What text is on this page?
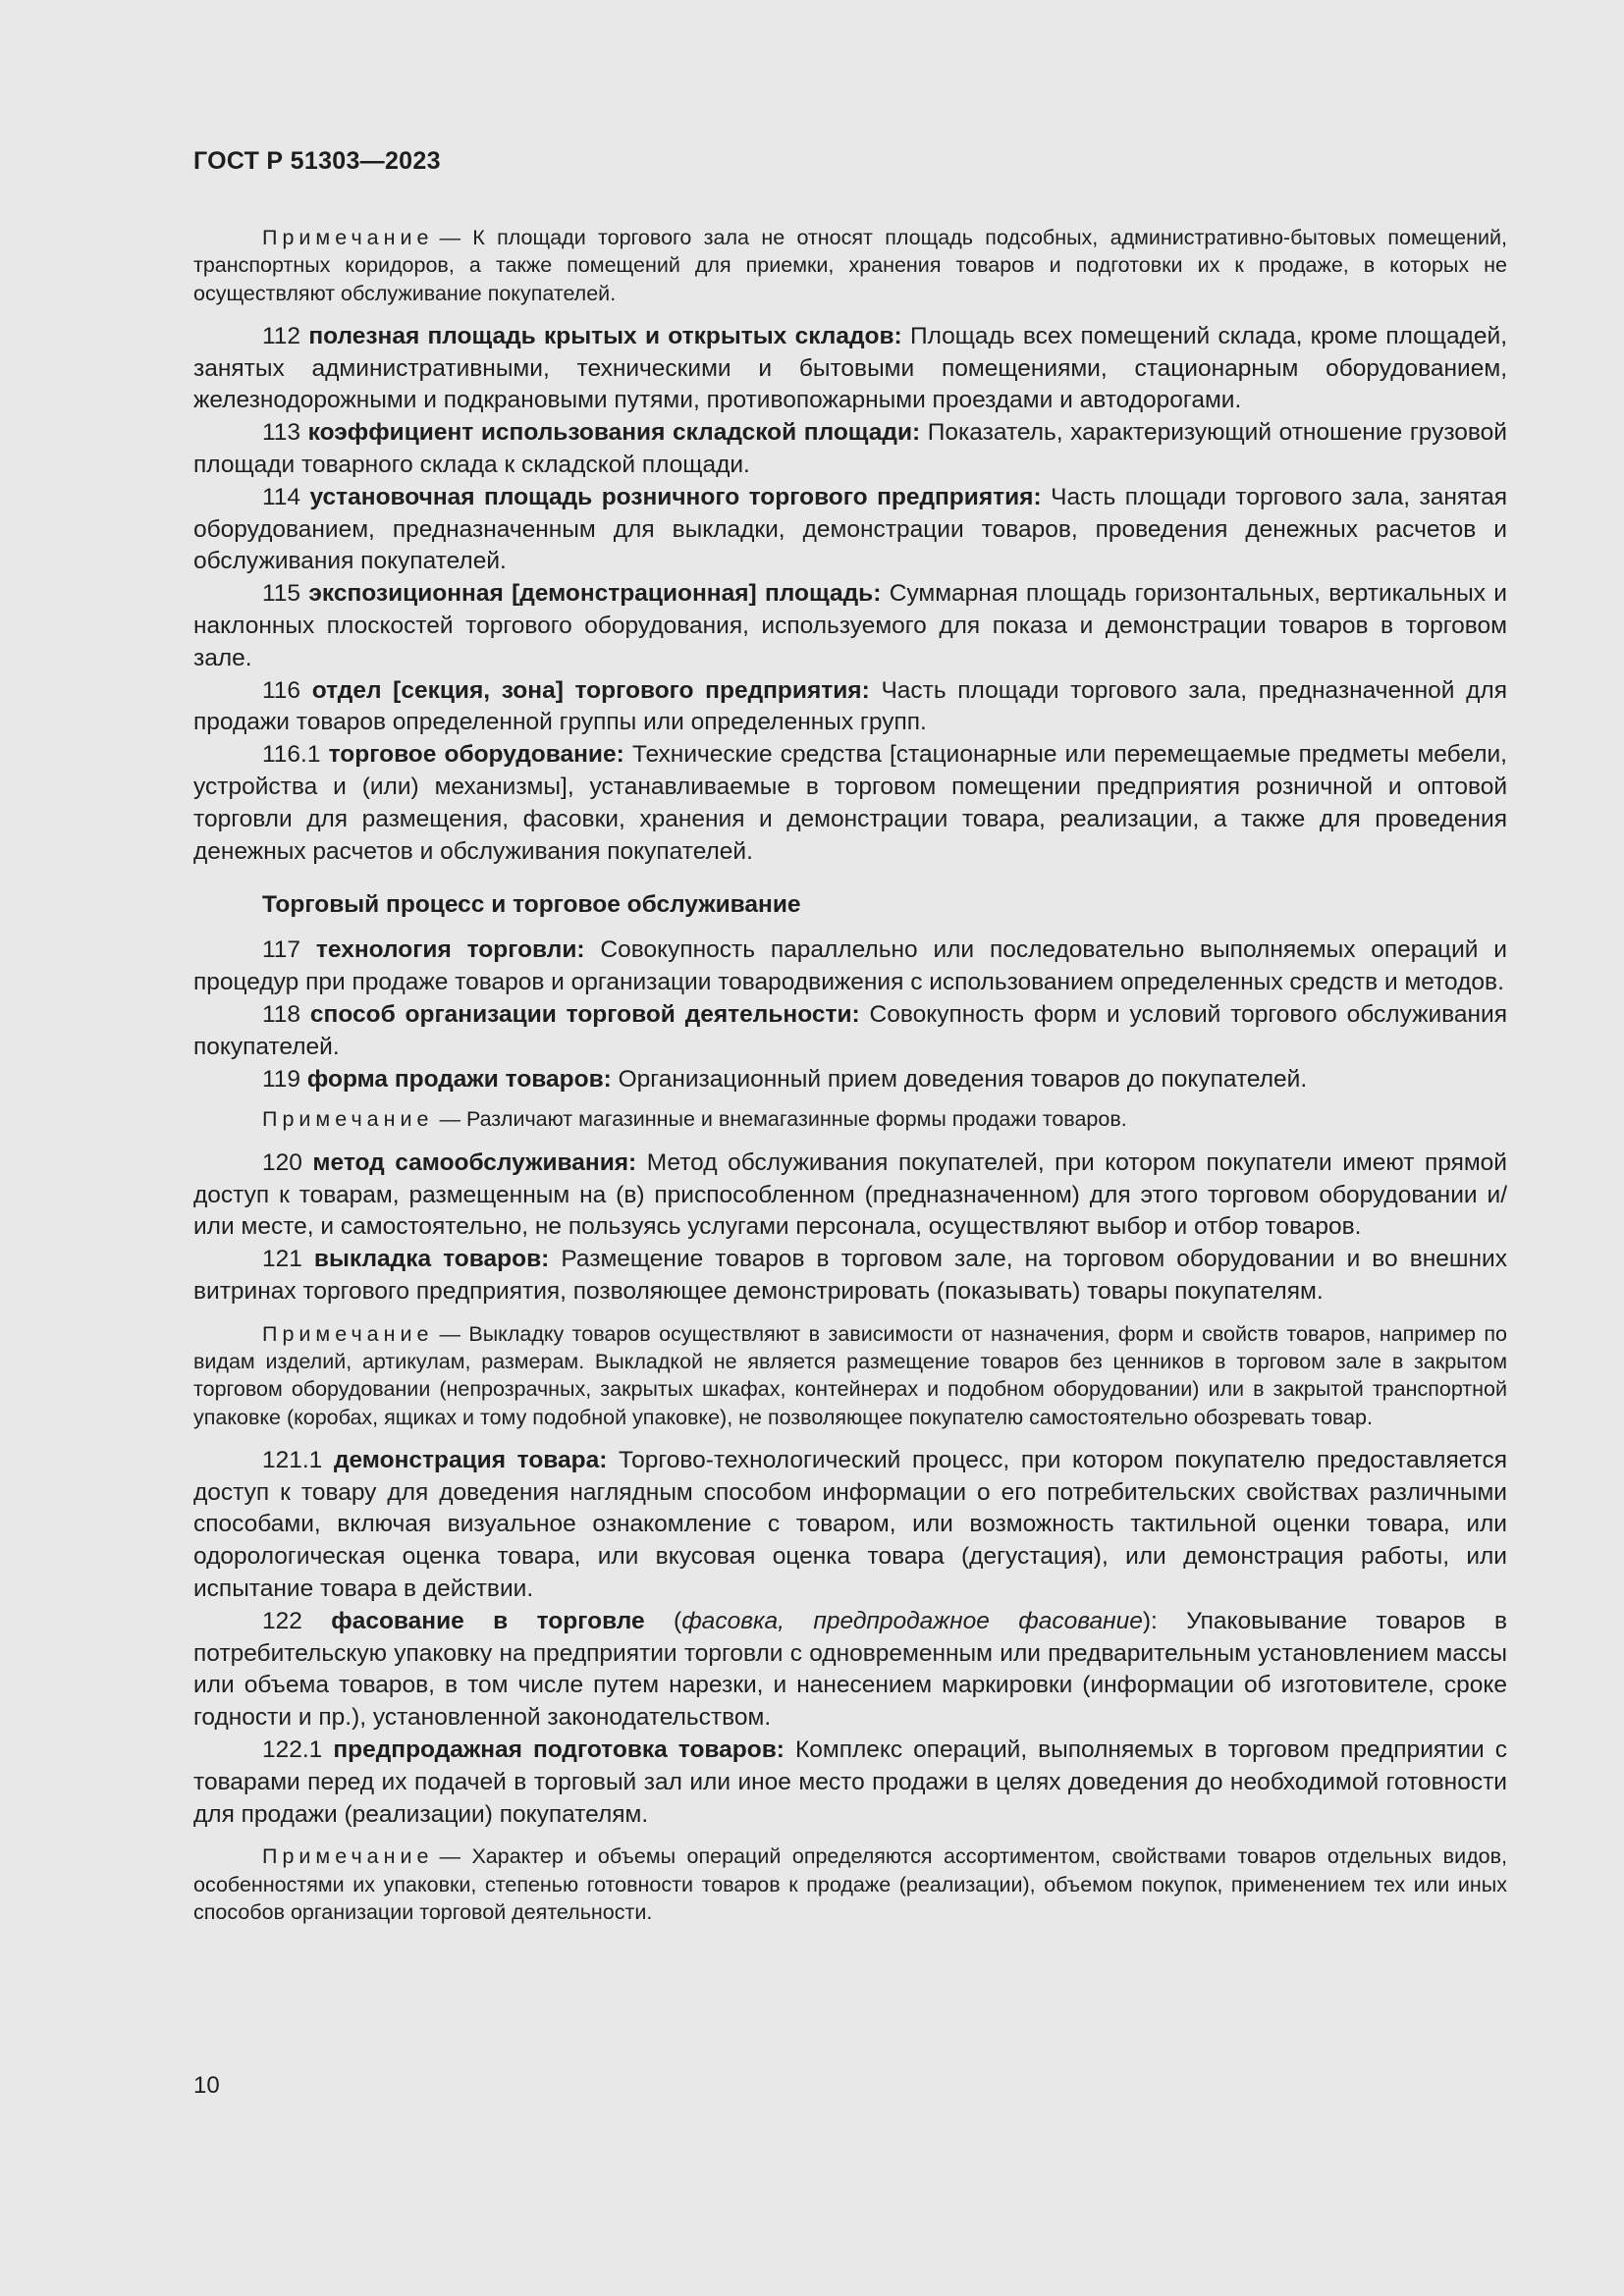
ГОСТ Р 51303—2023

Примечание — К площади торгового зала не относят площадь подсобных, административно-бытовых помещений, транспортных коридоров, а также помещений для приемки, хранения товаров и подготовки их к продаже, в которых не осуществляют обслуживание покупателей.

112 полезная площадь крытых и открытых складов: Площадь всех помещений склада, кроме площадей, занятых административными, техническими и бытовыми помещениями, стационарным оборудованием, железнодорожными и подкрановыми путями, противопожарными проездами и автодорогами.

113 коэффициент использования складской площади: Показатель, характеризующий отношение грузовой площади товарного склада к складской площади.

114 установочная площадь розничного торгового предприятия: Часть площади торгового зала, занятая оборудованием, предназначенным для выкладки, демонстрации товаров, проведения денежных расчетов и обслуживания покупателей.

115 экспозиционная [демонстрационная] площадь: Суммарная площадь горизонтальных, вертикальных и наклонных плоскостей торгового оборудования, используемого для показа и демонстрации товаров в торговом зале.

116 отдел [секция, зона] торгового предприятия: Часть площади торгового зала, предназначенной для продажи товаров определенной группы или определенных групп.

116.1 торговое оборудование: Технические средства [стационарные или перемещаемые предметы мебели, устройства и (или) механизмы], устанавливаемые в торговом помещении предприятия розничной и оптовой торговли для размещения, фасовки, хранения и демонстрации товара, реализации, а также для проведения денежных расчетов и обслуживания покупателей.

Торговый процесс и торговое обслуживание

117 технология торговли: Совокупность параллельно или последовательно выполняемых операций и процедур при продаже товаров и организации товародвижения с использованием определенных средств и методов.

118 способ организации торговой деятельности: Совокупность форм и условий торгового обслуживания покупателей.

119 форма продажи товаров: Организационный прием доведения товаров до покупателей.

Примечание — Различают магазинные и внемагазинные формы продажи товаров.

120 метод самообслуживания: Метод обслуживания покупателей, при котором покупатели имеют прямой доступ к товарам, размещенным на (в) приспособленном (предназначенном) для этого торговом оборудовании и/или месте, и самостоятельно, не пользуясь услугами персонала, осуществляют выбор и отбор товаров.

121 выкладка товаров: Размещение товаров в торговом зале, на торговом оборудовании и во внешних витринах торгового предприятия, позволяющее демонстрировать (показывать) товары покупателям.

Примечание — Выкладку товаров осуществляют в зависимости от назначения, форм и свойств товаров, например по видам изделий, артикулам, размерам. Выкладкой не является размещение товаров без ценников в торговом зале в закрытом торговом оборудовании (непрозрачных, закрытых шкафах, контейнерах и подобном оборудовании) или в закрытой транспортной упаковке (коробах, ящиках и тому подобной упаковке), не позволяющее покупателю самостоятельно обозревать товар.

121.1 демонстрация товара: Торгово-технологический процесс, при котором покупателю предоставляется доступ к товару для доведения наглядным способом информации о его потребительских свойствах различными способами, включая визуальное ознакомление с товаром, или возможность тактильной оценки товара, или одорологическая оценка товара, или вкусовая оценка товара (дегустация), или демонстрация работы, или испытание товара в действии.

122 фасование в торговле (фасовка, предпродажное фасование): Упаковывание товаров в потребительскую упаковку на предприятии торговли с одновременным или предварительным установлением массы или объема товаров, в том числе путем нарезки, и нанесением маркировки (информации об изготовителе, сроке годности и пр.), установленной законодательством.

122.1 предпродажная подготовка товаров: Комплекс операций, выполняемых в торговом предприятии с товарами перед их подачей в торговый зал или иное место продажи в целях доведения до необходимой готовности для продажи (реализации) покупателям.

Примечание — Характер и объемы операций определяются ассортиментом, свойствами товаров отдельных видов, особенностями их упаковки, степенью готовности товаров к продаже (реализации), объемом покупок, применением тех или иных способов организации торговой деятельности.

10
